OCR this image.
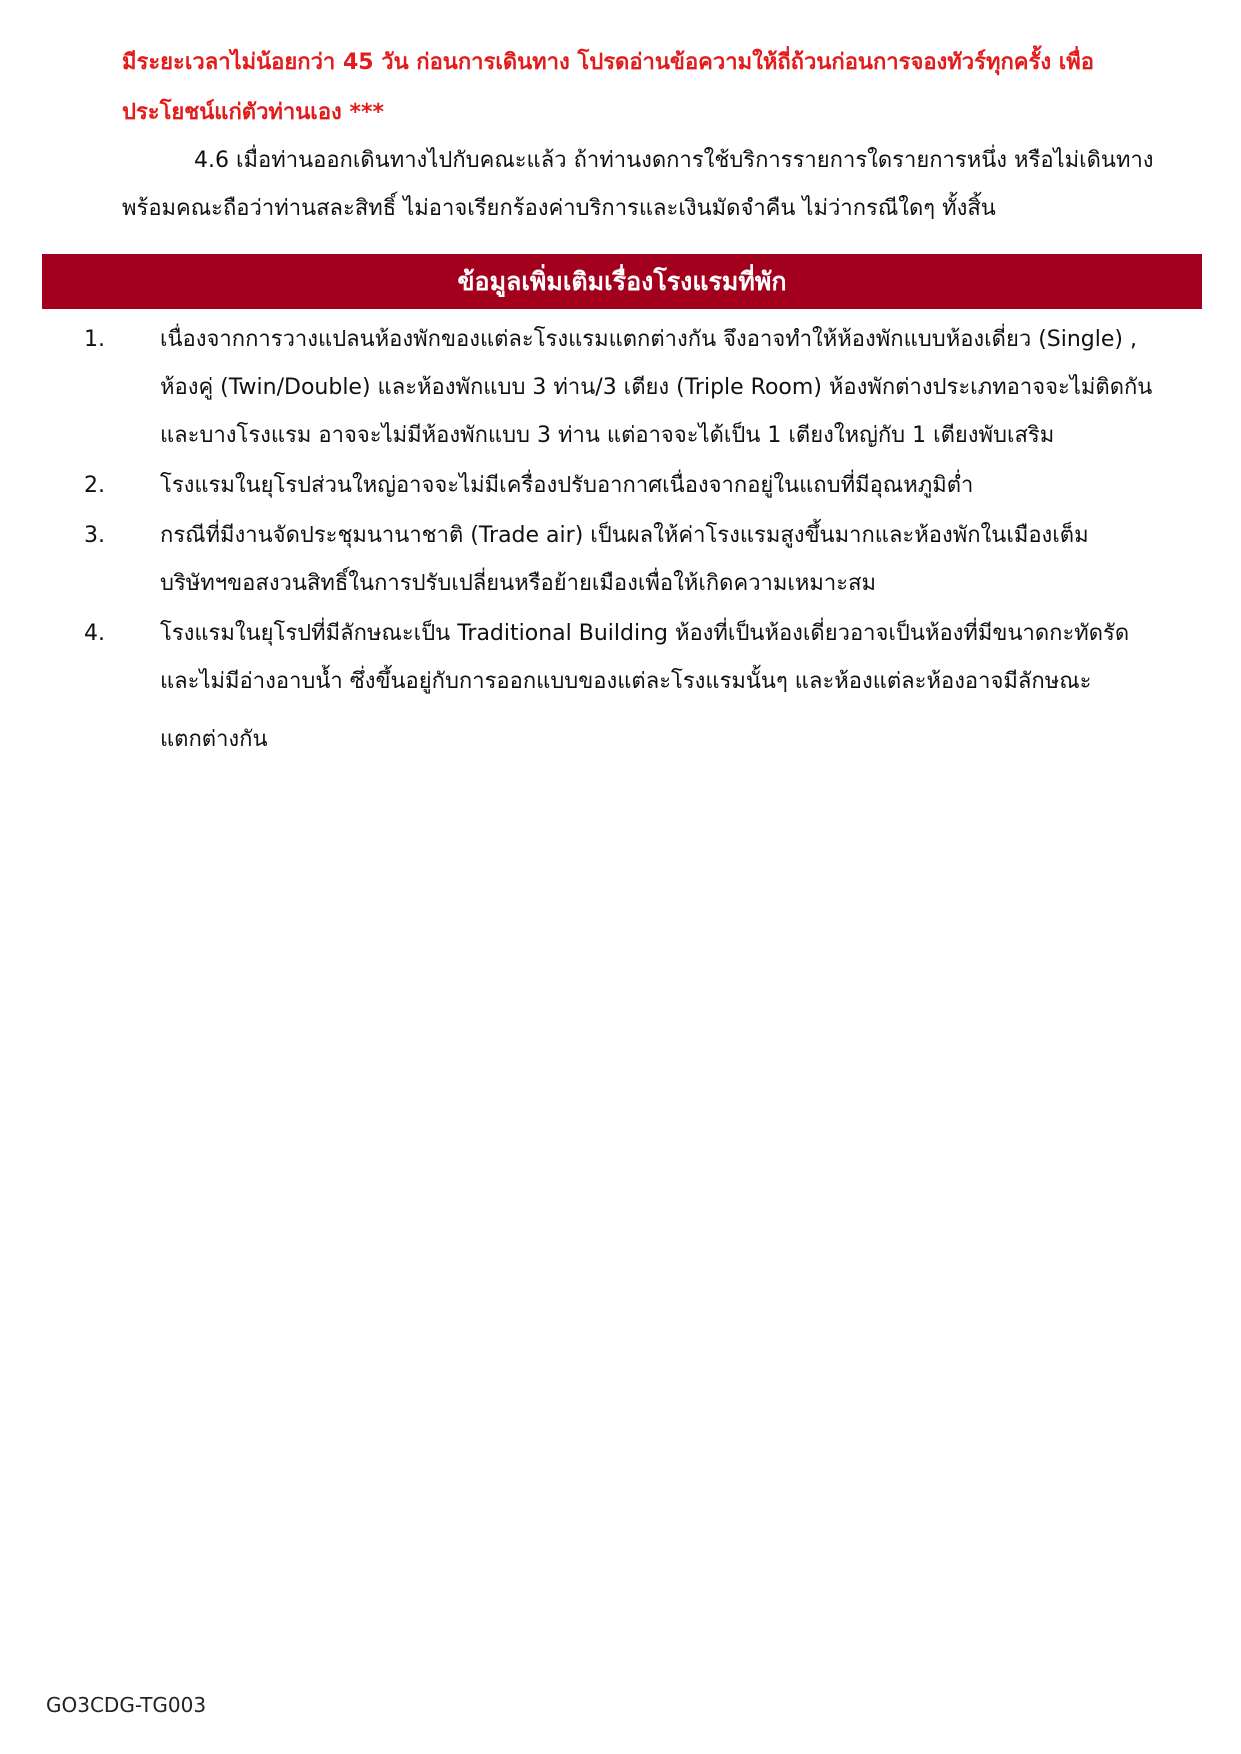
มีระยะเวลาไม่น้อยกว่า 45 วัน ก่อนการเดินทาง โปรดอ่านข้อความให้ถี่ถ้วนก่อนการจองทัวร์ทุกครั้ง เพื่อ
ประโยชน์แก่ตัวท่านเอง ***
4.6 เมื่อท่านออกเดินทางไปกับคณะแล้ว ถ้าท่านงดการใช้บริการรายการใดรายการหนึ่ง หรือไม่เดินทาง
พร้อมคณะถือว่าท่านสละสิทธิ์ ไม่อาจเรียกร้องค่าบริการและเงินมัดจำคืน ไม่ว่ากรณีใดๆ ทั้งสิ้น
ข้อมูลเพิ่มเติมเรื่องโรงแรมที่พัก
1.	เนื่องจากการวางแปลนห้องพักของแต่ละโรงแรมแตกต่างกัน จึงอาจทำให้ห้องพักแบบห้องเดี่ยว (Single) ,
ห้องคู่ (Twin/Double) และห้องพักแบบ 3 ท่าน/3 เตียง (Triple Room) ห้องพักต่างประเภทอาจจะไม่ติดกัน
และบางโรงแรม อาจจะไม่มีห้องพักแบบ 3 ท่าน แต่อาจจะได้เป็น 1 เตียงใหญ่กับ 1 เตียงพับเสริม
2.	โรงแรมในยุโรปส่วนใหญ่อาจจะไม่มีเครื่องปรับอากาศเนื่องจากอยู่ในแถบที่มีอุณหภูมิต่ำ
3.	กรณีที่มีงานจัดประชุมนานาชาติ (Trade air) เป็นผลให้ค่าโรงแรมสูงขึ้นมากและห้องพักในเมืองเต็ม
บริษัทฯขอสงวนสิทธิ์ในการปรับเปลี่ยนหรือย้ายเมืองเพื่อให้เกิดความเหมาะสม
4.	โรงแรมในยุโรปที่มีลักษณะเป็น Traditional Building ห้องที่เป็นห้องเดี่ยวอาจเป็นห้องที่มีขนาดกะทัดรัด
และไม่มีอ่างอาบน้ำ ซึ่งขึ้นอยู่กับการออกแบบของแต่ละโรงแรมนั้นๆ และห้องแต่ละห้องอาจมีลักษณะ
แตกต่างกัน
GO3CDG-TG003
